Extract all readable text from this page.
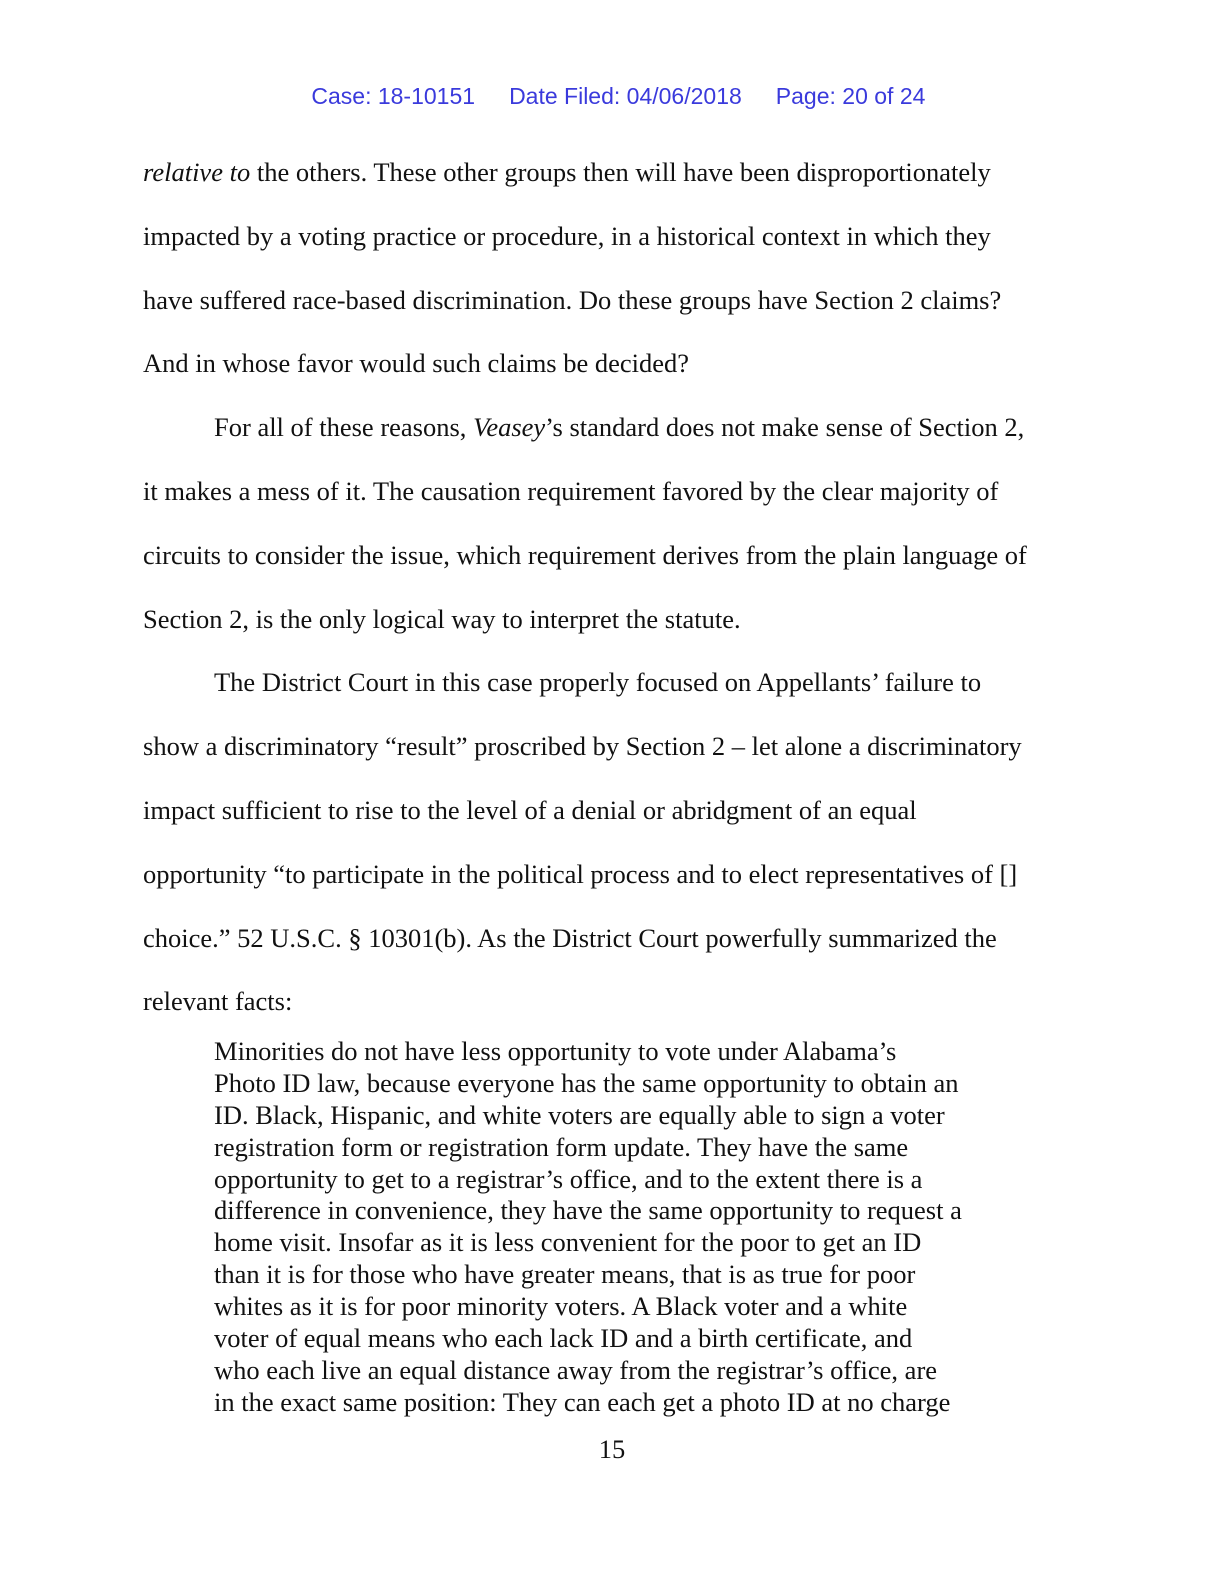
Case: 18-10151 Date Filed: 04/06/2018 Page: 20 of 24

relative to the others. These other groups then will have been disproportionately
impacted by a voting practice or procedure, in a historical context in which they
have suffered race-based discrimination. Do these groups have Section 2 claims?
And in whose favor would such claims be decided?
For all of these reasons, Veasey’s standard does not make sense of Section 2,
it makes a mess of it. The causation requirement favored by the clear majority of
circuits to consider the issue, which requirement derives from the plain language of
Section 2, is the only logical way to interpret the statute.
The District Court in this case properly focused on Appellants’ failure to
show a discriminatory “result” proscribed by Section 2 – let alone a discriminatory
impact sufficient to rise to the level of a denial or abridgment of an equal
opportunity “to participate in the political process and to elect representatives of []
choice.” 52 U.S.C. § 10301(b). As the District Court powerfully summarized the
relevant facts:
Minorities do not have less opportunity to vote under Alabama’s
Photo ID law, because everyone has the same opportunity to obtain an
ID. Black, Hispanic, and white voters are equally able to sign a voter
registration form or registration form update. They have the same
opportunity to get to a registrar’s office, and to the extent there is a
difference in convenience, they have the same opportunity to request a
home visit. Insofar as it is less convenient for the poor to get an ID
than it is for those who have greater means, that is as true for poor
whites as it is for poor minority voters. A Black voter and a white
voter of equal means who each lack ID and a birth certificate, and
who each live an equal distance away from the registrar’s office, are
in the exact same position: They can each get a photo ID at no charge
15
